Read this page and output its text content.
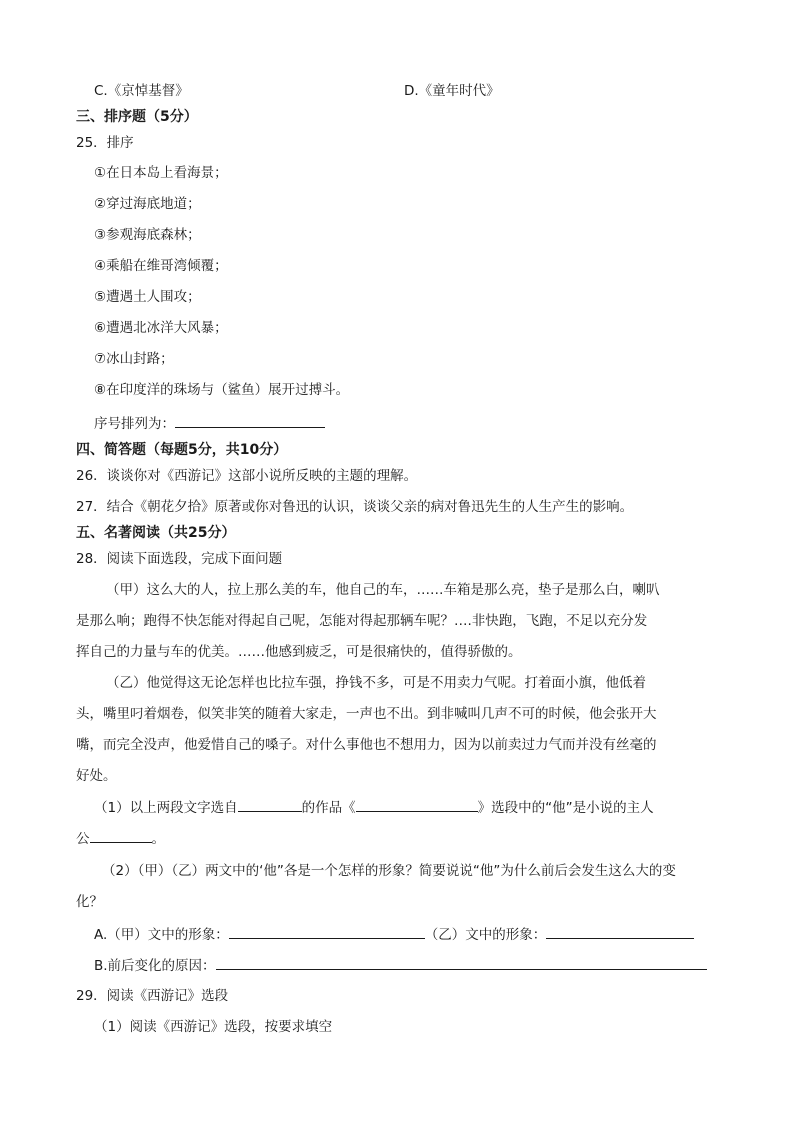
C.《京悼基督》	D.《童年时代》
三、排序题（5分）
25．排序
①在日本岛上看海景；
②穿过海底地道；
③参观海底森林；
④乘船在维哥湾倾覆；
⑤遭遇土人围攻；
⑥遭遇北冰洋大风暴；
⑦冰山封路；
⑧在印度洋的珠场与（鲨鱼）展开过搏斗。
序号排列为：
四、简答题（每题5分，共10分）
26．谈谈你对《西游记》这部小说所反映的主题的理解。
27．结合《朝花夕拾》原著或你对鲁迅的认识，谈谈父亲的病对鲁迅先生的人生产生的影响。
五、名著阅读（共25分）
28．阅读下面选段，完成下面问题
（甲）这么大的人，拉上那么美的车，他自己的车，……车箱是那么亮，垫子是那么白，喇叭
是那么响；跑得不快怎能对得起自己呢，怎能对得起那辆车呢？….非快跑，飞跑，不足以充分发
挥自己的力量与车的优美。……他感到疲乏，可是很痛快的，值得骄傲的。
（乙）他觉得这无论怎样也比拉车强，挣钱不多，可是不用卖力气呢。打着面小旗，他低着
头，嘴里叼着烟卷，似笑非笑的随着大家走，一声也不出。到非喊叫几声不可的时候，他会张开大
嘴，而完全没声，他爱惜自己的嗓子。对什么事他也不想用力，因为以前卖过力气而并没有丝毫的
好处。
（1）以上两段文字选自	的作品《	》选段中的“他”是小说的主人
公	。
（2）（甲）（乙）两文中的‘他”各是一个怎样的形象？简要说说“他”为什么前后会发生这么大的变
化？
A.（甲）文中的形象：	（乙）文中的形象：
B.前后变化的原因：
29．阅读《西游记》选段
（1）阅读《西游记》选段，按要求填空
